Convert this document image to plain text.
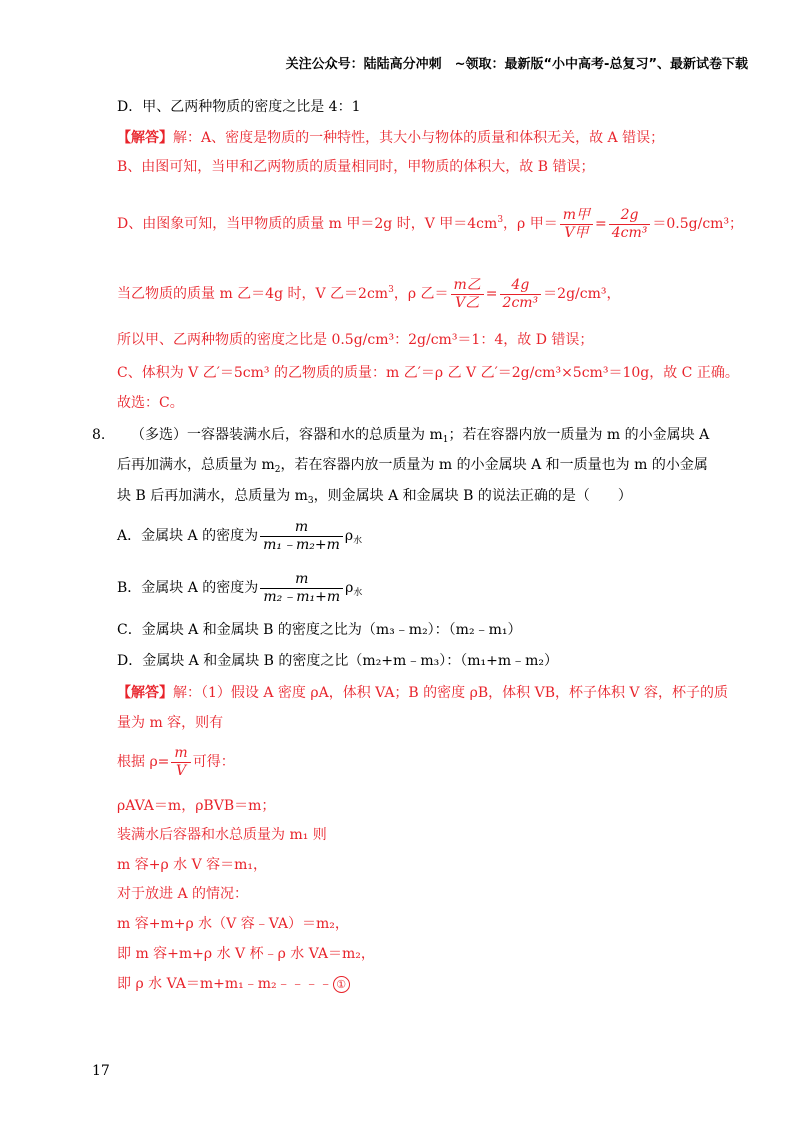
关注公众号：陆陆高分冲刺　~领取：最新版“小中高考-总复习”、最新试卷下载
D．甲、乙两种物质的密度之比是 4：1
【解答】解：A、密度是物质的一种特性，其大小与物体的质量和体积无关，故 A 错误；
B、由图可知，当甲和乙两物质的质量相同时，甲物质的体积大，故 B 错误；
D、由图象可知，当甲物质的质量 m 甲＝2g 时，V 甲$=4cm^3$，ρ 甲＝ $\frac{\text{m甲}}{\text{V甲}} = \frac{2g}{\text{4cm³}} =0.5g/cm^3$；
当乙物质的质量 m 乙＝4g 时，V 乙$=2cm^3$，ρ 乙＝ $\frac{\text{m乙}}{\text{V乙}} = \frac{4g}{\text{2cm³}} =2g/cm^3$，
所以甲、乙两种物质的密度之比是 0.5g/cm³：2g/cm³＝1：4，故 D 错误；
C、体积为 V 乙′＝5cm³ 的乙物质的质量：m 乙′＝ρ 乙 V 乙′＝2g/cm³×5cm³＝10g，故 C 正确。
故选：C。
8. （多选）一容器装满水后，容器和水的总质量为 $m_1$；若在容器内放一质量为 m 的小金属块 A
后再加满水，总质量为 $m_2$，若在容器内放一质量为 m 的小金属块 A 和一质量也为 m 的小金属
块 B 后再加满水，总质量为 $m_3$，则金属块 A 和金属块 B 的说法正确的是（　　）
A．金属块 A 的密度为 $\frac{m}{\text{m₁﹣m₂+m}} \rho_水$
B．金属块 A 的密度为 $\frac{m}{\text{m₂﹣m₁+m}} \rho_水$
C．金属块 A 和金属块 B 的密度之比为（m₃﹣m₂）：（m₂﹣m₁）
D．金属块 A 和金属块 B 的密度之比（m₂+m﹣m₃）：（m₁+m﹣m₂）
【解答】解：（1）假设 A 密度 ρA，体积 VA；B 的密度 ρB，体积 VB，杯子体积 V 容，杯子的质
量为 m 容，则有
根据 $\rho= \frac{m}{V}$ 可得：
ρAVA＝m，ρBVB＝m；
装满水后容器和水总质量为 m₁ 则
m 容+ρ 水 V 容＝m₁，
对于放进 A 的情况：
m 容+m+ρ 水（V 容﹣VA）＝m₂，
即 m 容+m+ρ 水 V 杯﹣ρ 水 VA＝m₂，
即 ρ 水 VA＝m+m₁﹣m₂﹣﹣﹣﹣ ①
17
